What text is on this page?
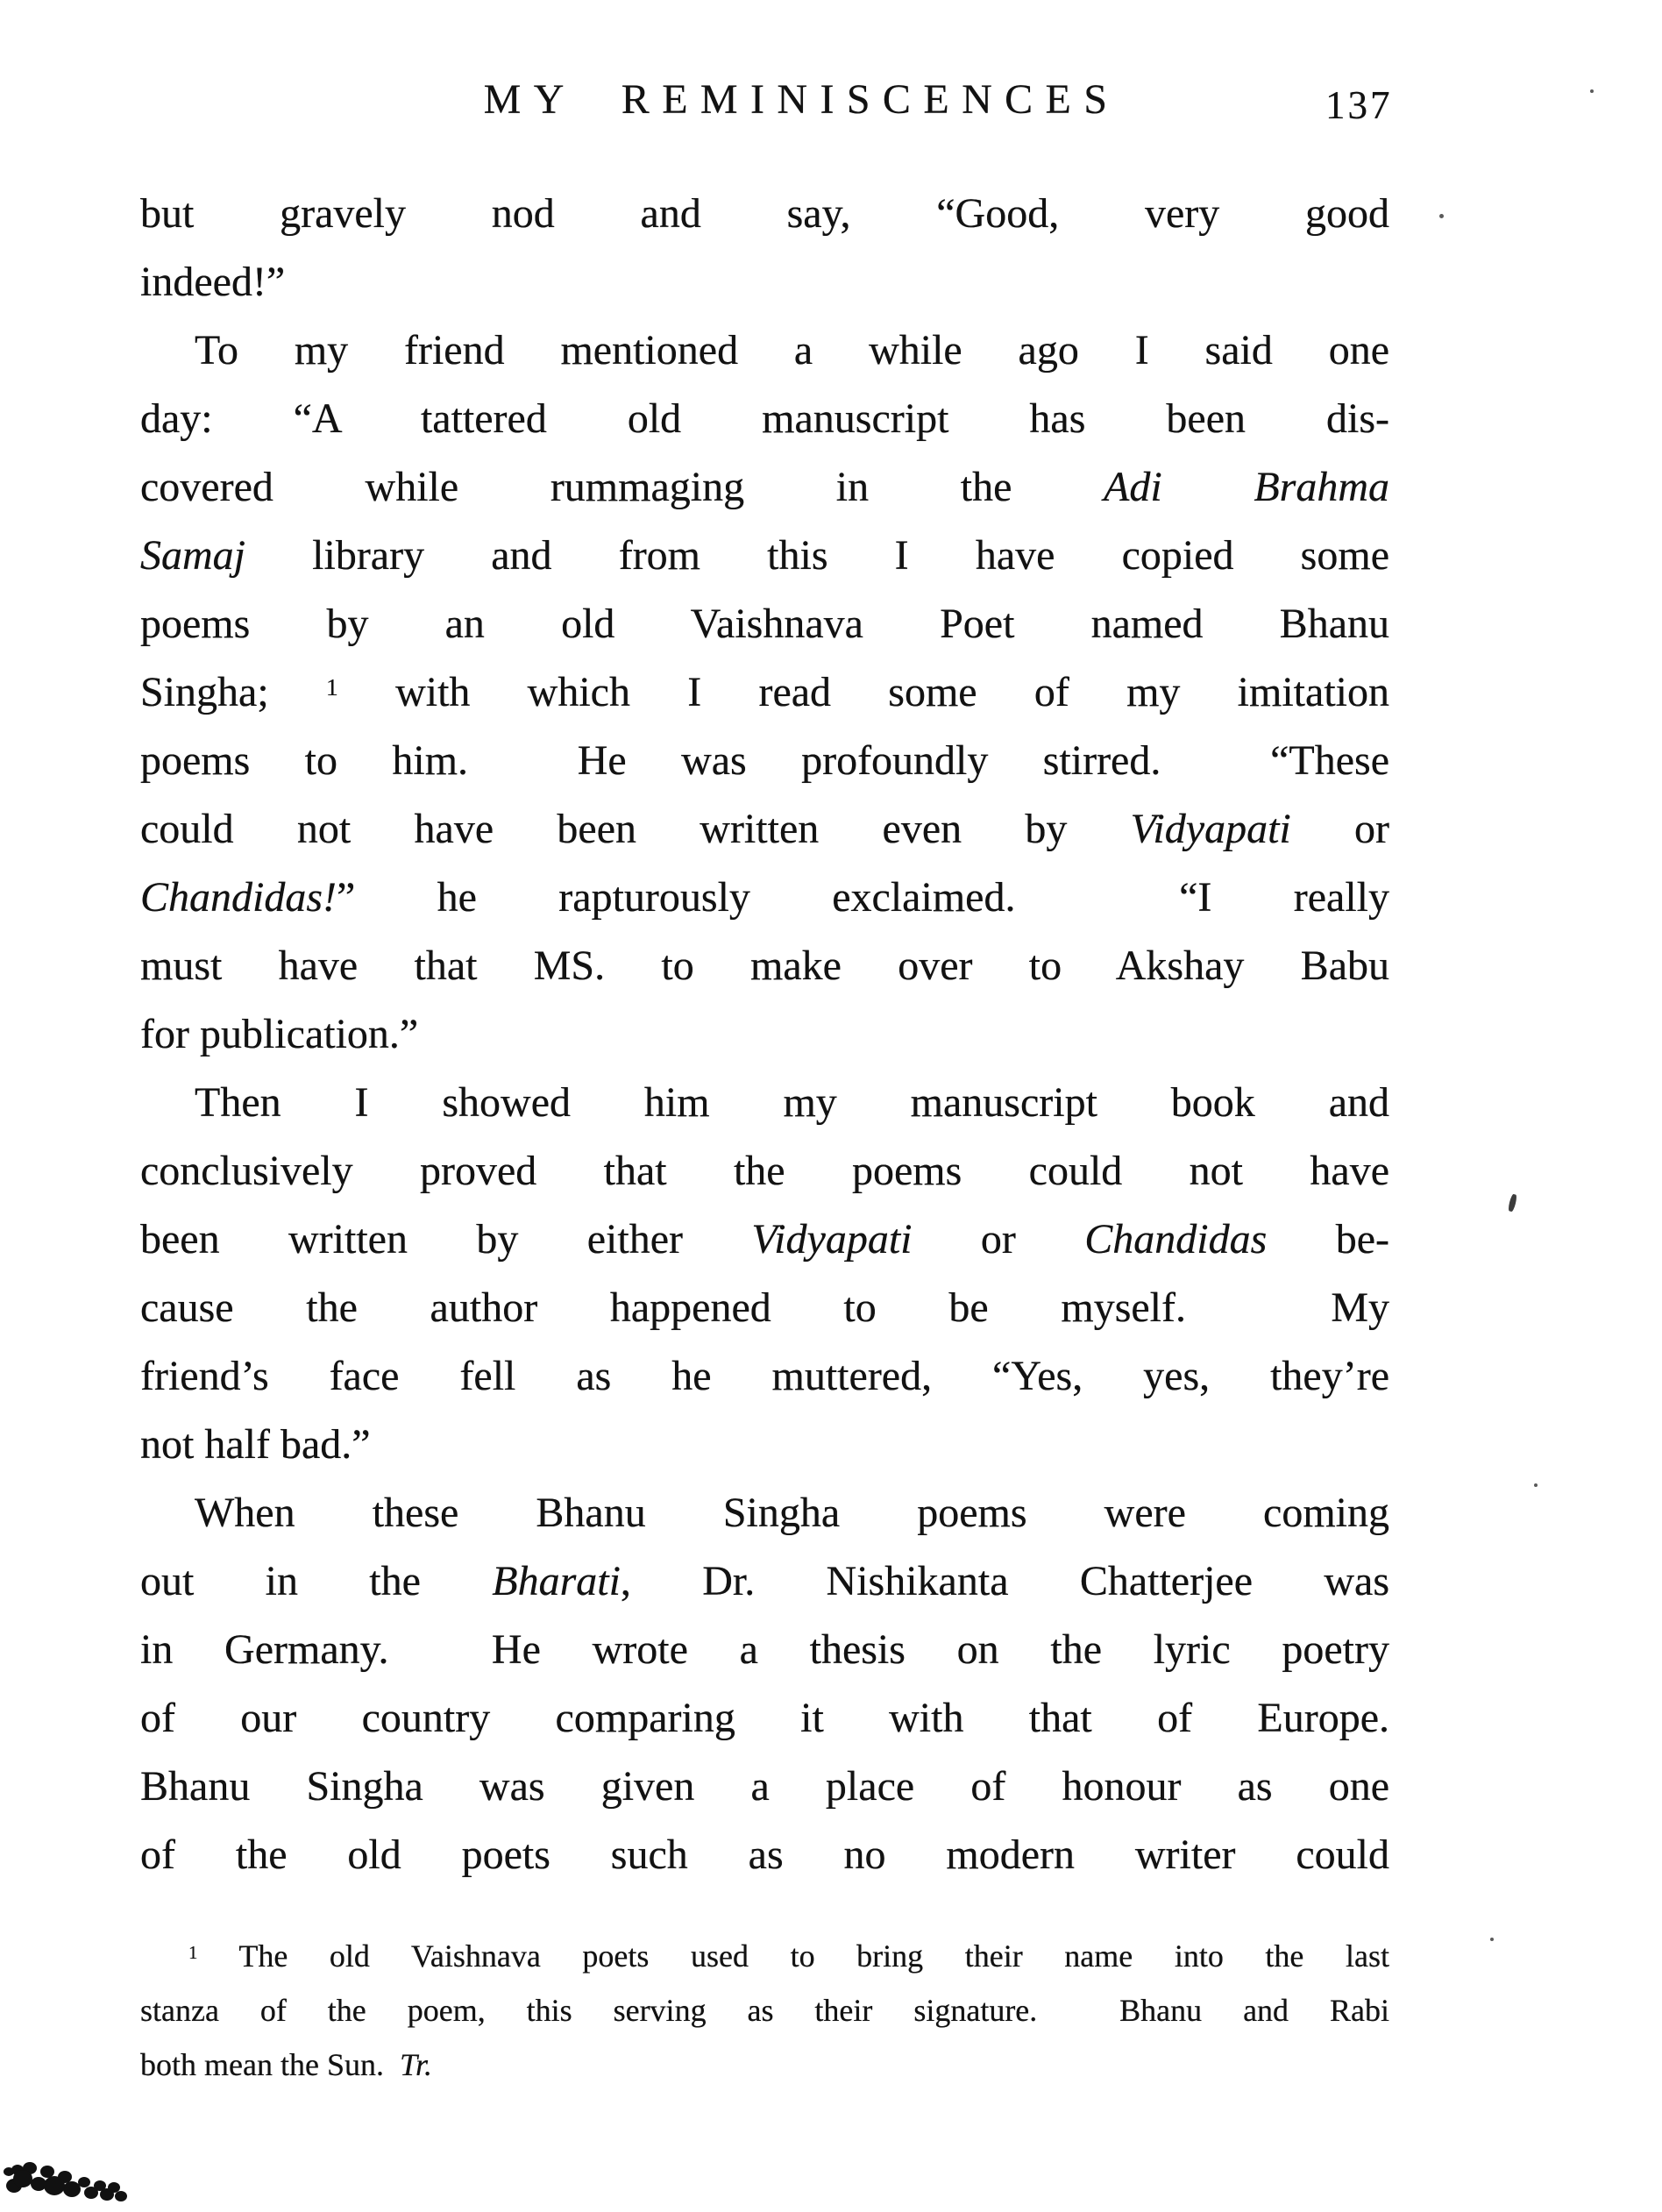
MY REMINISCENCES	137
but gravely nod and say, “Good, very good
indeed!”
To my friend mentioned a while ago I said one
day: “A tattered old manuscript has been dis-
covered while rummaging in the Adi Brahma
Samaj library and from this I have copied some
poems by an old Vaishnava Poet named Bhanu
Singha; $^1$ with which I read some of my imitation
poems to him.  He was profoundly stirred.  “These
could not have been written even by Vidyapati or
Chandidas!” he rapturously exclaimed.  “I really
must have that MS. to make over to Akshay Babu
for publication.”
Then I showed him my manuscript book and
conclusively proved that the poems could not have
been written by either Vidyapati or Chandidas be-
cause the author happened to be myself.  My
friend’s face fell as he muttered, “Yes, yes, they’re
not half bad.”
When these Bhanu Singha poems were coming
out in the Bharati, Dr. Nishikanta Chatterjee was
in Germany.  He wrote a thesis on the lyric poetry
of our country comparing it with that of Europe.
Bhanu Singha was given a place of honour as one
of the old poets such as no modern writer could
$^1$ The old Vaishnava poets used to bring their name into the last
stanza of the poem, this serving as their signature.  Bhanu and Rabi
both mean the Sun.  Tr.
